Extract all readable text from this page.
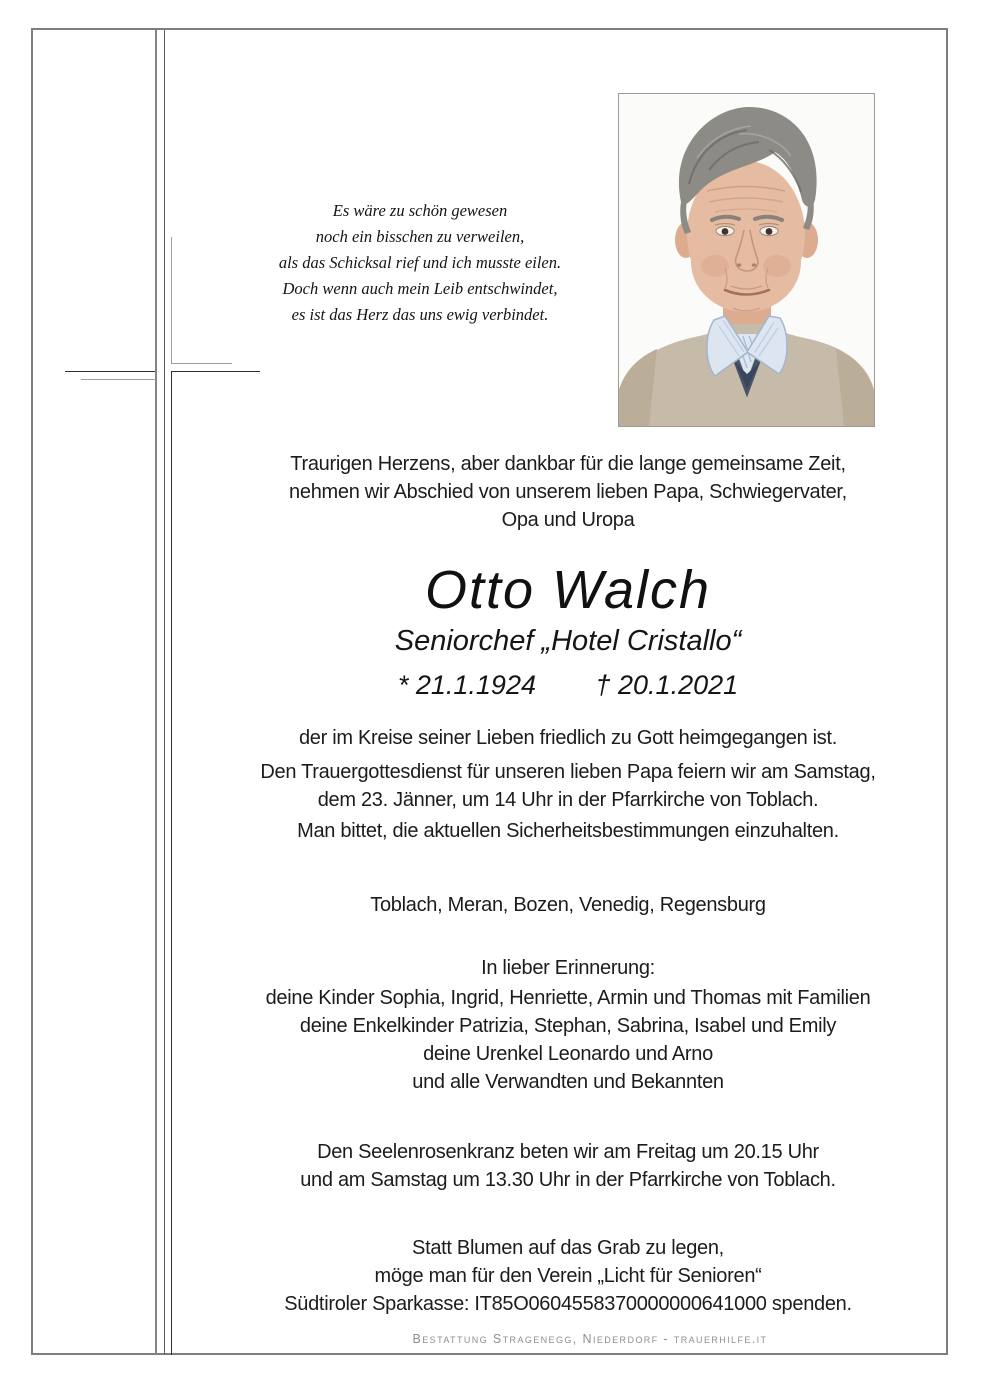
Es wäre zu schön gewesen
noch ein bisschen zu verweilen,
als das Schicksal rief und ich musste eilen.
Doch wenn auch mein Leib entschwindet,
es ist das Herz das uns ewig verbindet.
Traurigen Herzens, aber dankbar für die lange gemeinsame Zeit,
nehmen wir Abschied von unserem lieben Papa, Schwiegervater,
Opa und Uropa
Otto Walch
Seniorchef „Hotel Cristallo“
* 21.1.1924 † 20.1.2021
der im Kreise seiner Lieben friedlich zu Gott heimgegangen ist.
Den Trauergottesdienst für unseren lieben Papa feiern wir am Samstag,
dem 23. Jänner, um 14 Uhr in der Pfarrkirche von Toblach.
Man bittet, die aktuellen Sicherheitsbestimmungen einzuhalten.
Toblach, Meran, Bozen, Venedig, Regensburg
In lieber Erinnerung:
deine Kinder Sophia, Ingrid, Henriette, Armin und Thomas mit Familien
deine Enkelkinder Patrizia, Stephan, Sabrina, Isabel und Emily
deine Urenkel Leonardo und Arno
und alle Verwandten und Bekannten
Den Seelenrosenkranz beten wir am Freitag um 20.15 Uhr
und am Samstag um 13.30 Uhr in der Pfarrkirche von Toblach.
Statt Blumen auf das Grab zu legen,
möge man für den Verein „Licht für Senioren“
Südtiroler Sparkasse: IT85O0604558370000000641000 spenden.
Bestattung Stragenegg, Niederdorf - trauerhilfe.it
